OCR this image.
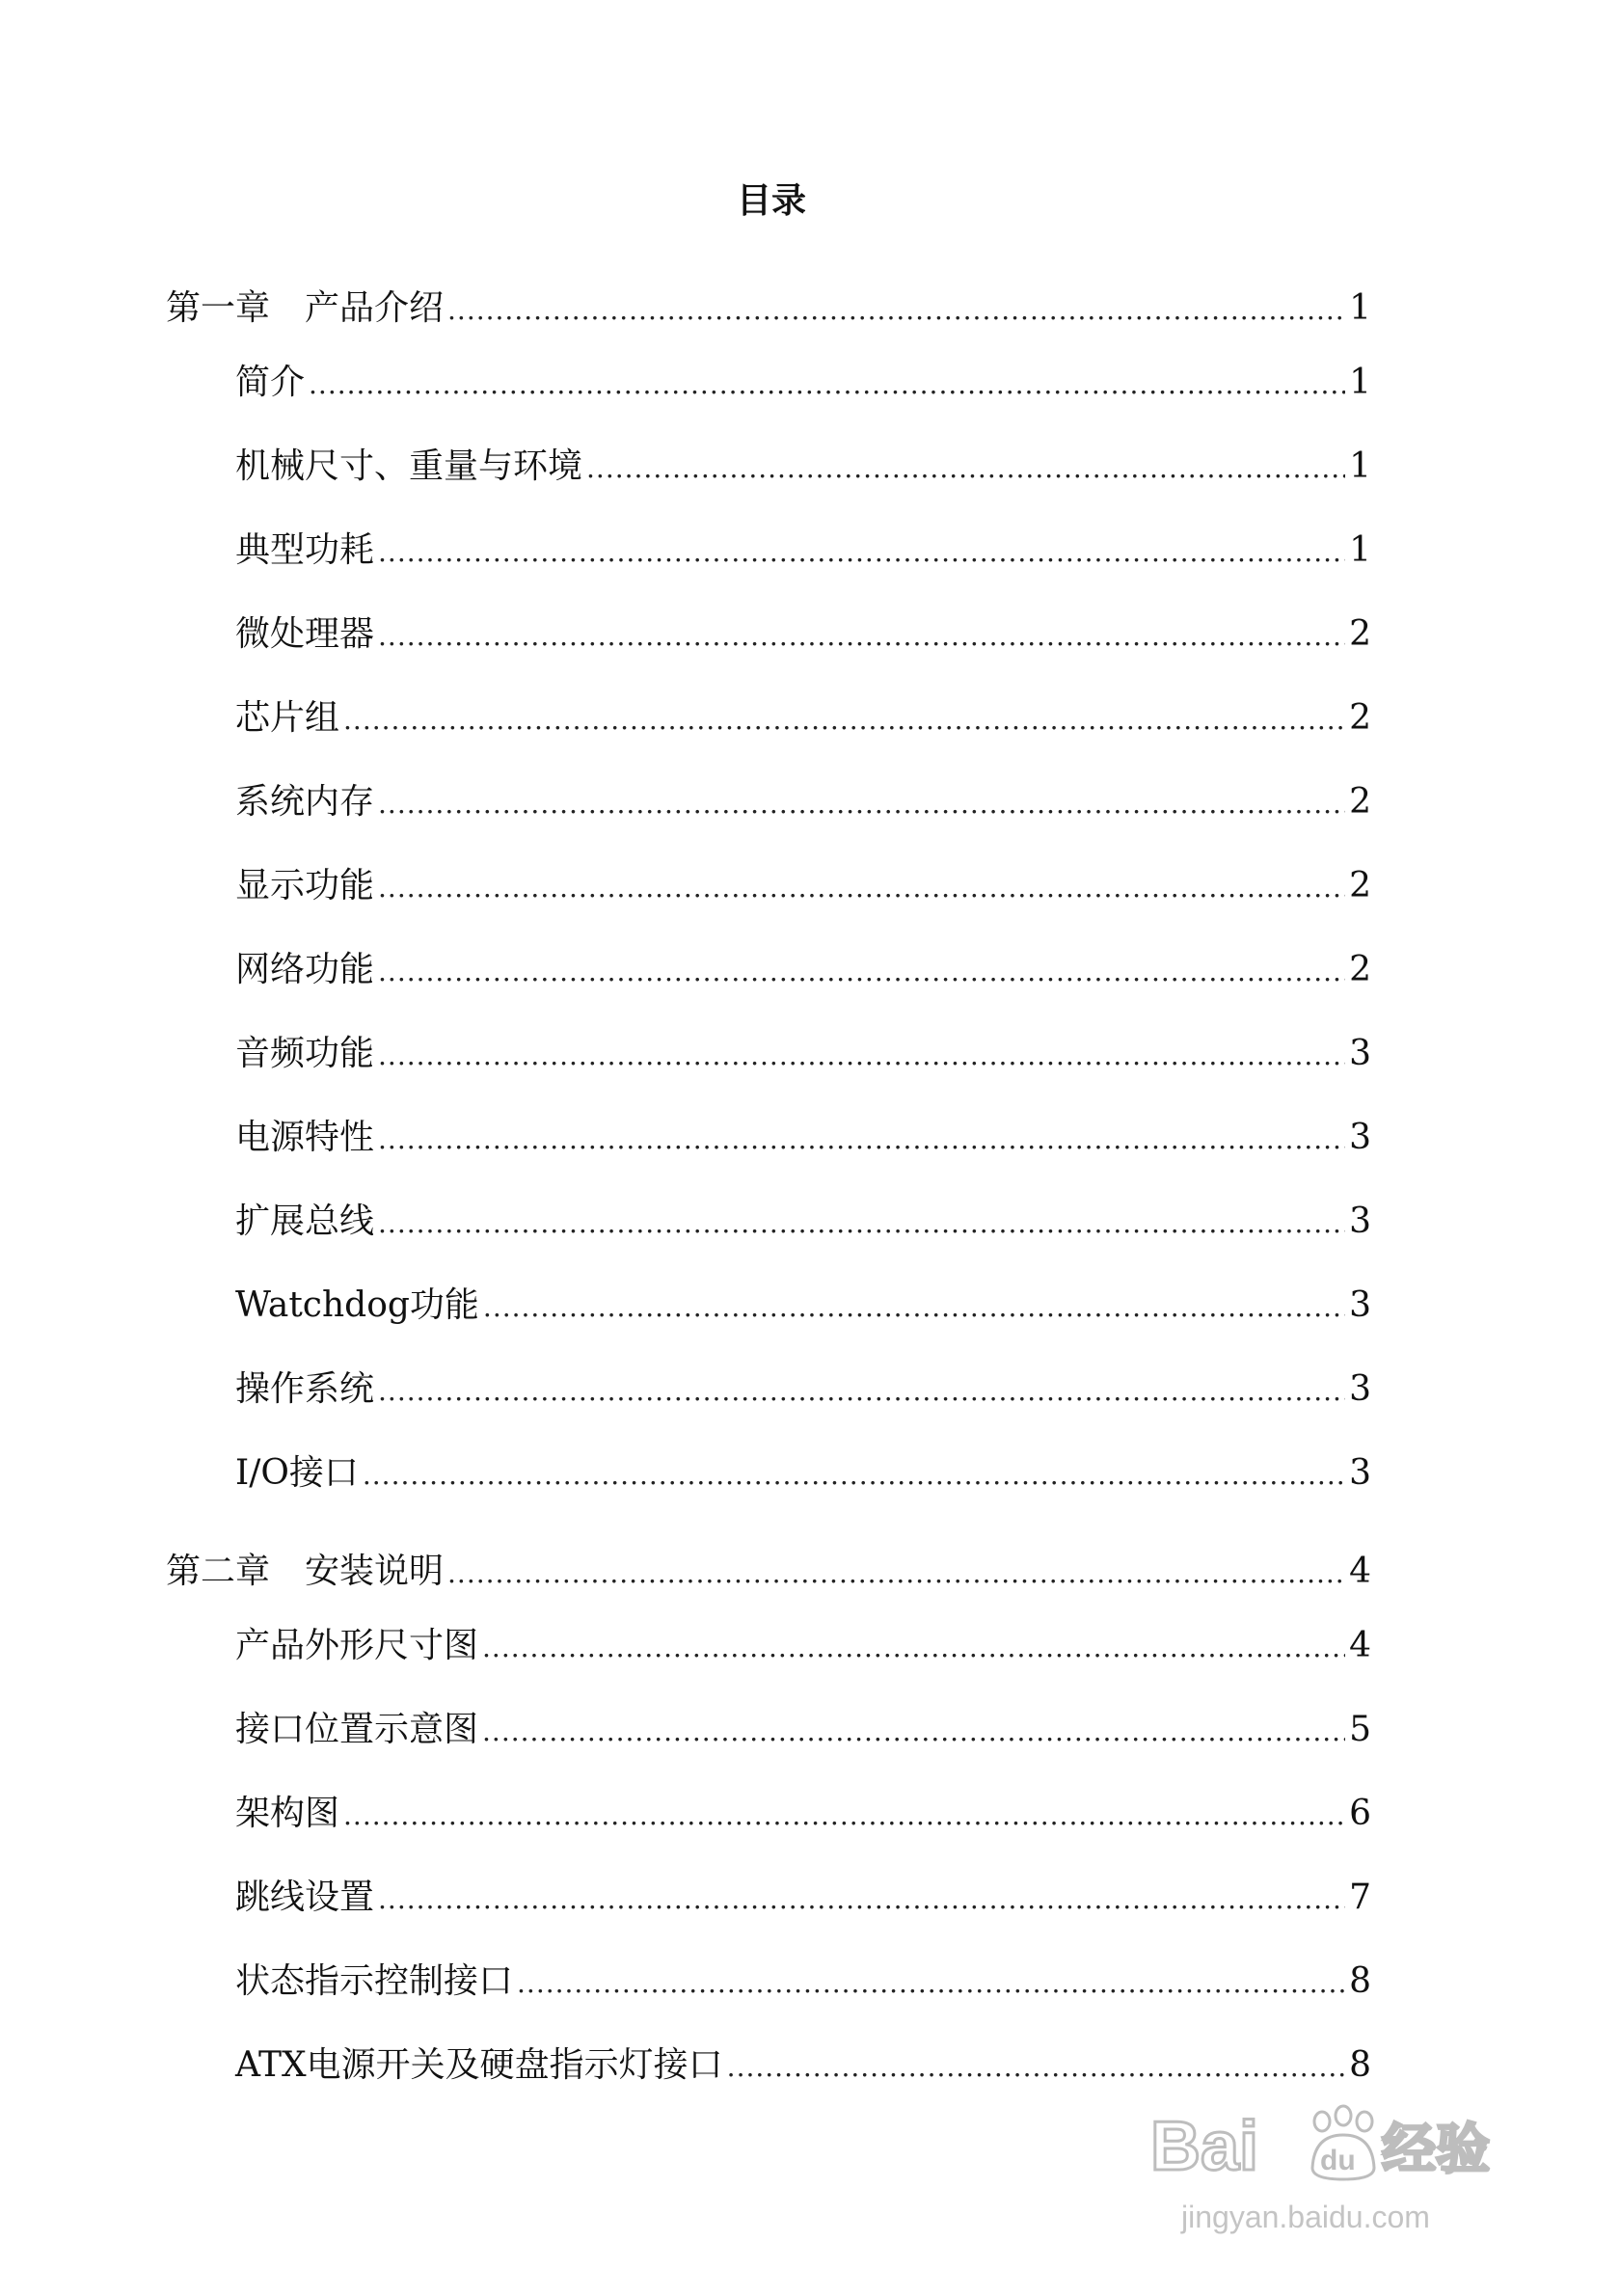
目录
第一章 产品介绍 .....	1
简介 .....	1
机械尺寸、重量与环境 .....	1
典型功耗 .....	1
微处理器 .....	2
芯片组 .....	2
系统内存 .....	2
显示功能 .....	2
网络功能 .....	2
音频功能 .....	3
电源特性 .....	3
扩展总线 .....	3
Watchdog功能 .....	3
操作系统 .....	3
I/O接口 .....	3
第二章 安装说明 .....	4
产品外形尺寸图 .....	4
接口位置示意图 .....	5
架构图 .....	6
跳线设置 .....	7
状态指示控制接口 .....	8
ATX电源开关及硬盘指示灯接口 .....	8
Bai du 经验
jingyan.baidu.com
